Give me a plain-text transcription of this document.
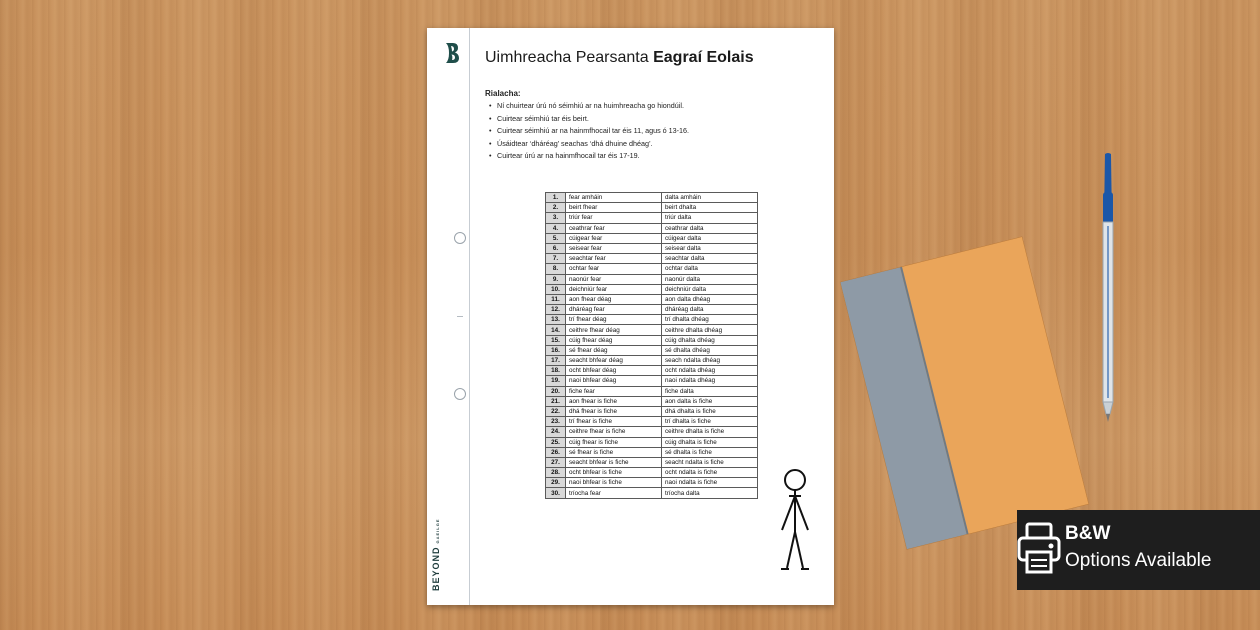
BEYONDGAEILGE
Uimhreacha Pearsanta Eagraí Eolais
Rialacha:
• Ní chuirtear úrú nó séimhiú ar na huimhreacha go hiondúil.
• Cuirtear séimhiú tar éis beirt.
• Cuirtear séimhiú ar na hainmfhocail tar éis 11, agus ó 13-16.
• Úsáidtear ‘dháréag’ seachas ‘dhá dhuine dhéag’.
• Cuirtear úrú ar na hainmfhocail tar éis 17-19.
1.	fear amháin	dalta amháin
2.	beirt fhear	beirt dhalta
3.	triúr fear	triúr dalta
4.	ceathrar fear	ceathrar dalta
5.	cúigear fear	cúigear dalta
6.	seisear fear	seisear dalta
7.	seachtar fear	seachtar dalta
8.	ochtar fear	ochtar dalta
9.	naonúr fear	naonúr dalta
10.	deichniúr fear	deichniúr dalta
11.	aon fhear déag	aon dalta dhéag
12.	dháréag fear	dháréag dalta
13.	trí fhear déag	trí dhalta dhéag
14.	ceithre fhear déag	ceithre dhalta dhéag
15.	cúig fhear déag	cúig dhalta dhéag
16.	sé fhear déag	sé dhalta dhéag
17.	seacht bhfear déag	seach ndalta dhéag
18.	ocht bhfear déag	ocht ndalta dhéag
19.	naoi bhfear déag	naoi ndalta dhéag
20.	fiche fear	fiche dalta
21.	aon fhear is fiche	aon dalta is fiche
22.	dhá fhear is fiche	dhá dhalta is fiche
23.	trí fhear is fiche	trí dhalta is fiche
24.	ceithre fhear is fiche	ceithre dhalta is fiche
25.	cúig fhear is fiche	cúig dhalta is fiche
26.	sé fhear is fiche	sé dhalta is fiche
27.	seacht bhfear is fiche	seacht ndalta is fiche
28.	ocht bhfear is fiche	ocht ndalta is fiche
29.	naoi bhfear is fiche	naoi ndalta is fiche
30.	tríocha fear	tríocha dalta
B&W
Options Available
